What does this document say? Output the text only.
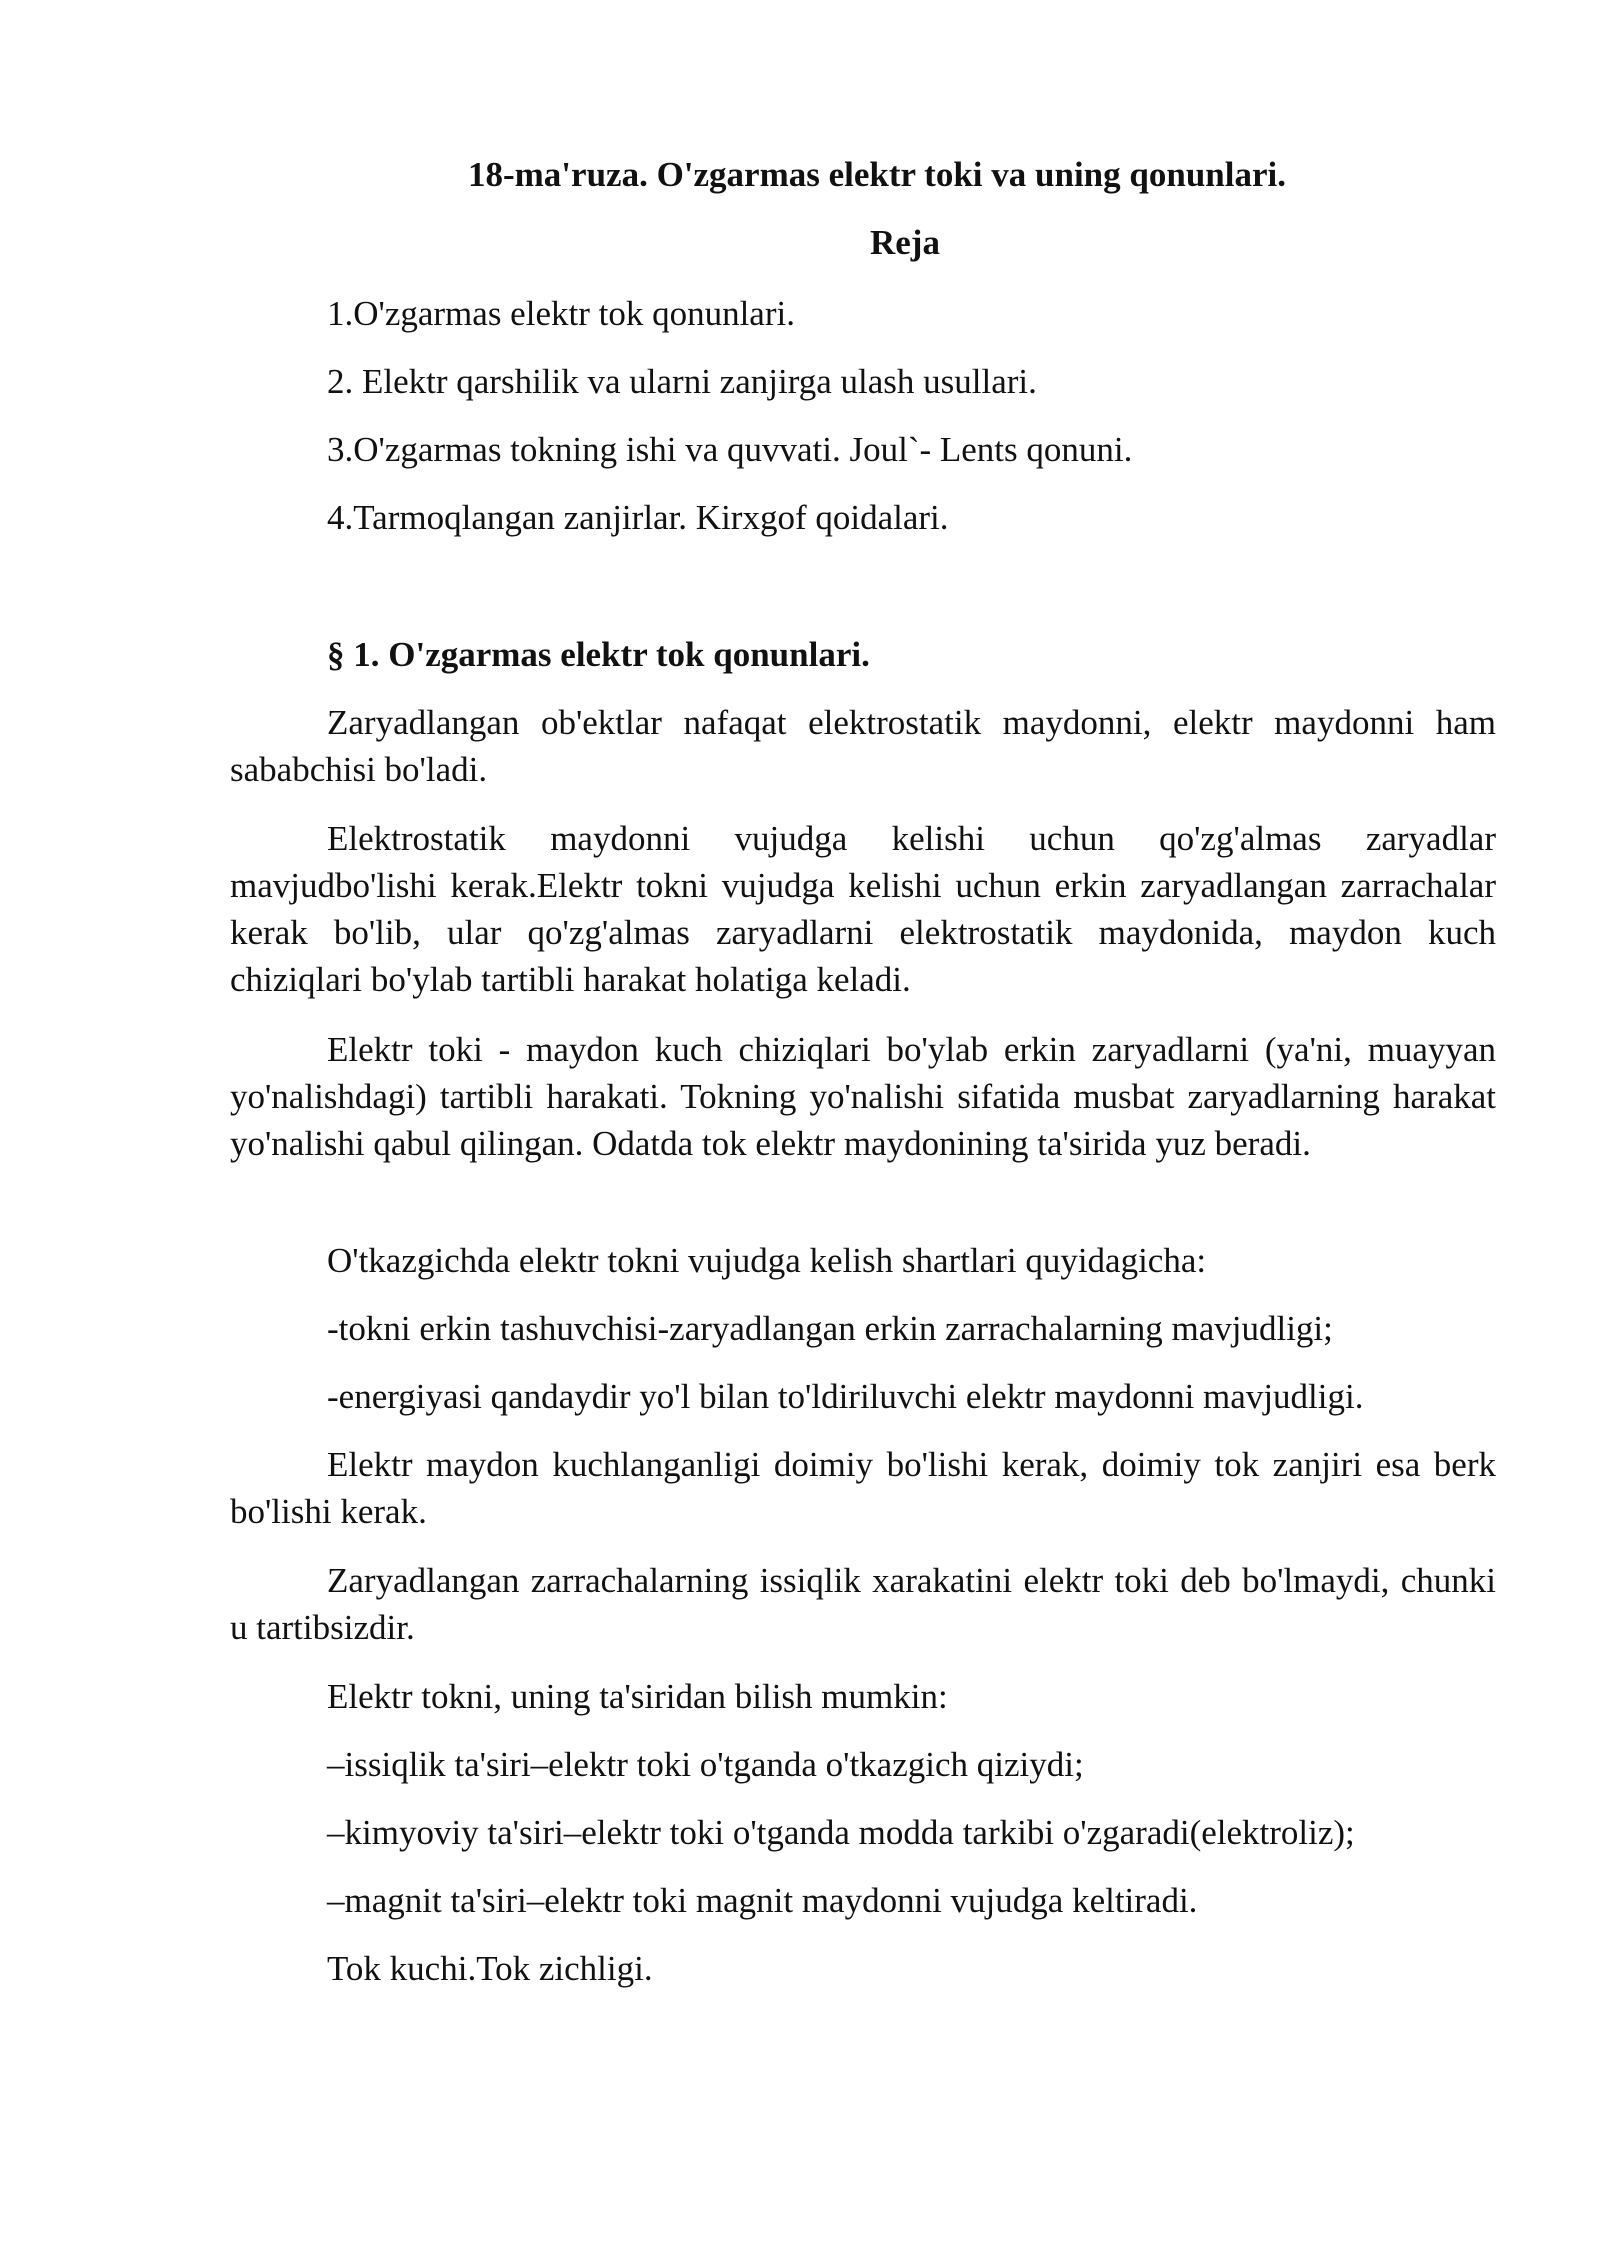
18-ma'ruza. O'zgarmas elektr toki va uning qonunlari.

Reja

1.O'zgarmas elektr tok qonunlari.

2. Elektr qarshilik va ularni zanjirga ulash usullari.

3.O'zgarmas tokning ishi va quvvati. Joul`- Lents qonuni.

4.Tarmoqlangan zanjirlar. Kirxgof qoidalari.

§ 1. O'zgarmas elektr tok qonunlari.

Zaryadlangan ob'ektlar nafaqat elektrostatik maydonni, elektr maydonni ham sababchisi bo'ladi.

Elektrostatik maydonni vujudga kelishi uchun qo'zg'almas zaryadlar mavjudbo'lishi kerak.Elektr tokni vujudga kelishi uchun erkin zaryadlangan zarrachalar kerak bo'lib, ular qo'zg'almas zaryadlarni elektrostatik maydonida, maydon kuch chiziqlari bo'ylab tartibli harakat holatiga keladi.

Elektr toki - maydon kuch chiziqlari bo'ylab erkin zaryadlarni (ya'ni, muayyan yo'nalishdagi) tartibli harakati. Tokning yo'nalishi sifatida musbat zaryadlarning harakat yo'nalishi qabul qilingan. Odatda tok elektr maydonining ta'sirida yuz beradi.

O'tkazgichda elektr tokni vujudga kelish shartlari quyidagicha:

-tokni erkin tashuvchisi-zaryadlangan erkin zarrachalarning mavjudligi;

-energiyasi qandaydir yo'l bilan to'ldiriluvchi elektr maydonni mavjudligi.

Elektr maydon kuchlanganligi doimiy bo'lishi kerak, doimiy tok zanjiri esa berk bo'lishi kerak.

Zaryadlangan zarrachalarning issiqlik xarakatini elektr toki deb bo'lmaydi, chunki u tartibsizdir.

Elektr tokni, uning ta'siridan bilish mumkin:

–issiqlik ta'siri–elektr toki o'tganda o'tkazgich qiziydi;

–kimyoviy ta'siri–elektr toki o'tganda modda tarkibi o'zgaradi(elektroliz);

–magnit ta'siri–elektr toki magnit maydonni vujudga keltiradi.

Tok kuchi.Tok zichligi.
